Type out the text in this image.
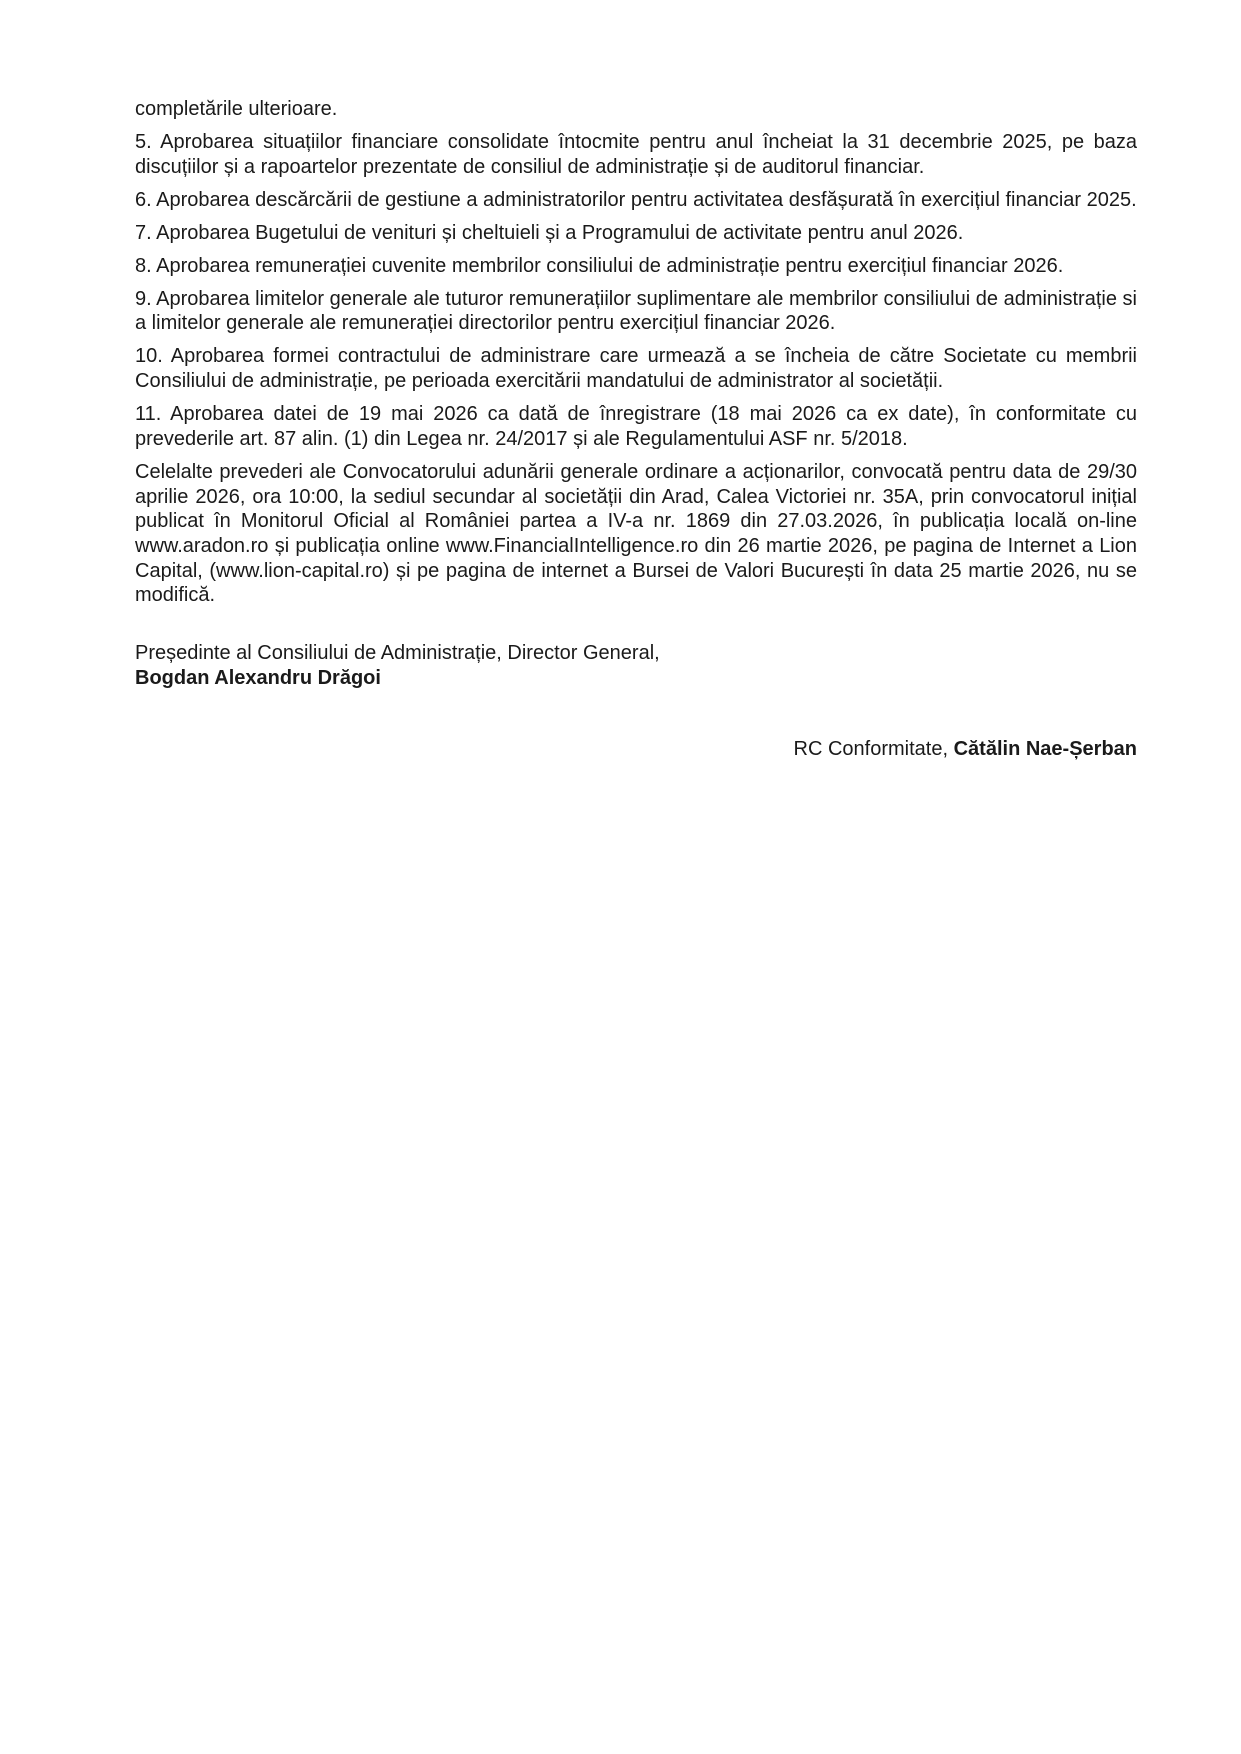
completările ulterioare.

5. Aprobarea situațiilor financiare consolidate întocmite pentru anul încheiat la 31 decembrie 2025, pe baza discuțiilor și a rapoartelor prezentate de consiliul de administrație și de auditorul financiar.

6. Aprobarea descărcării de gestiune a administratorilor pentru activitatea desfășurată în exercițiul financiar 2025.

7. Aprobarea Bugetului de venituri și cheltuieli și a Programului de activitate pentru anul 2026.

8. Aprobarea remunerației cuvenite membrilor consiliului de administrație pentru exercițiul financiar 2026.

9. Aprobarea limitelor generale ale tuturor remunerațiilor suplimentare ale membrilor consiliului de administrație si a limitelor generale ale remunerației directorilor pentru exercițiul financiar 2026.

10. Aprobarea formei contractului de administrare care urmează a se încheia de către Societate cu membrii Consiliului de administrație, pe perioada exercitării mandatului de administrator al societății.

11. Aprobarea datei de 19 mai 2026 ca dată de înregistrare (18 mai 2026 ca ex date), în conformitate cu prevederile art. 87 alin. (1) din Legea nr. 24/2017 și ale Regulamentului ASF nr. 5/2018.

Celelalte prevederi ale Convocatorului adunării generale ordinare a acționarilor, convocată pentru data de 29/30 aprilie 2026, ora 10:00, la sediul secundar al societății din Arad, Calea Victoriei nr. 35A, prin convocatorul inițial publicat în Monitorul Oficial al României partea a IV-a nr. 1869 din 27.03.2026, în publicația locală on-line www.aradon.ro și publicația online www.FinancialIntelligence.ro din 26 martie 2026, pe pagina de Internet a Lion Capital, (www.lion-capital.ro) și pe pagina de internet a Bursei de Valori București în data 25 martie 2026, nu se modifică.

Președinte al Consiliului de Administrație, Director General,

Bogdan Alexandru Drăgoi

RC Conformitate, Cătălin Nae-Șerban
